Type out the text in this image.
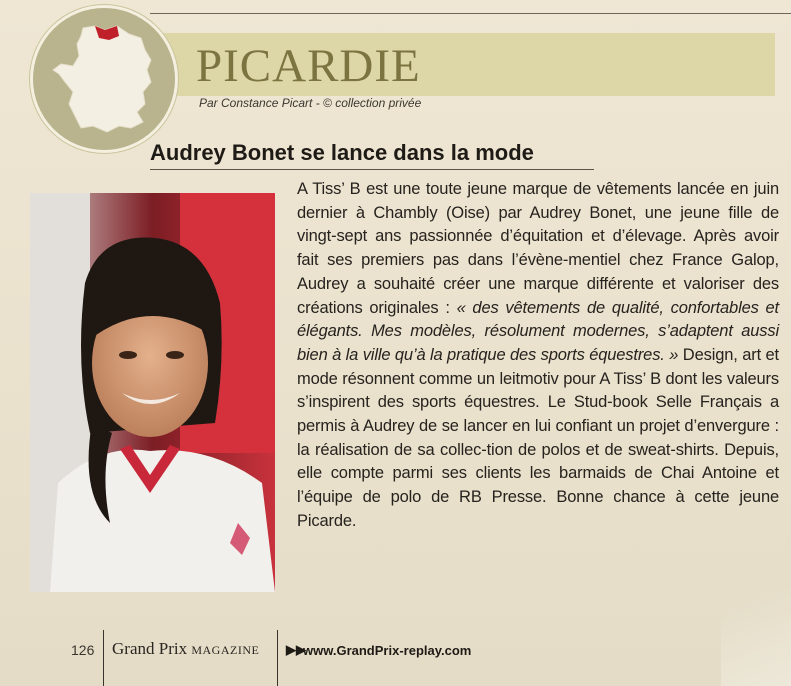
PICARDIE
Par Constance Picart - © collection privée
Audrey Bonet se lance dans la mode
A Tiss’ B est une toute jeune marque de vêtements lancée en juin dernier à Chambly (Oise) par Audrey Bonet, une jeune fille de vingt-sept ans passionnée d’équitation et d’élevage. Après avoir fait ses premiers pas dans l’évène-mentiel chez France Galop, Audrey a souhaité créer une marque différente et valoriser des créations originales : « des vêtements de qualité, confortables et élégants. Mes modèles, résolument modernes, s’adaptent aussi bien à la ville qu’à la pratique des sports équestres. » Design, art et mode résonnent comme un leitmotiv pour A Tiss’ B dont les valeurs s’inspirent des sports équestres. Le Stud-book Selle Français a permis à Audrey de se lancer en lui confiant un projet d’envergure : la réalisation de sa collec-tion de polos et de sweat-shirts. Depuis, elle compte parmi ses clients les barmaids de Chai Antoine et l’équipe de polo de RB Presse. Bonne chance à cette jeune Picarde.
126 Grand Prix MAGAZINE ▶▶
www.GrandPrix-replay.com
